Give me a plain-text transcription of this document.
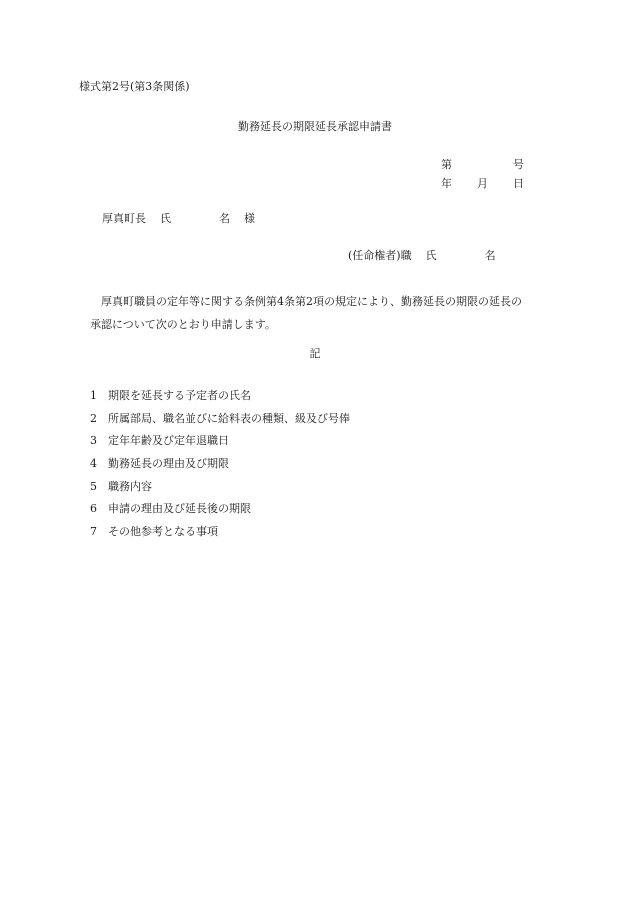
様式第2号(第3条関係)
勤務延長の期限延長承認申請書
第	号
年	月	日
厚真町長 氏	名 様
(任命権者)職 氏	名
厚真町職員の定年等に関する条例第4条第2項の規定により、勤務延長の期限の延長の
承認について次のとおり申請します。
記
1	期限を延長する予定者の氏名
2	所属部局、職名並びに給料表の種類、級及び号俸
3	定年年齢及び定年退職日
4	勤務延長の理由及び期限
5	職務内容
6	申請の理由及び延長後の期限
7	その他参考となる事項
